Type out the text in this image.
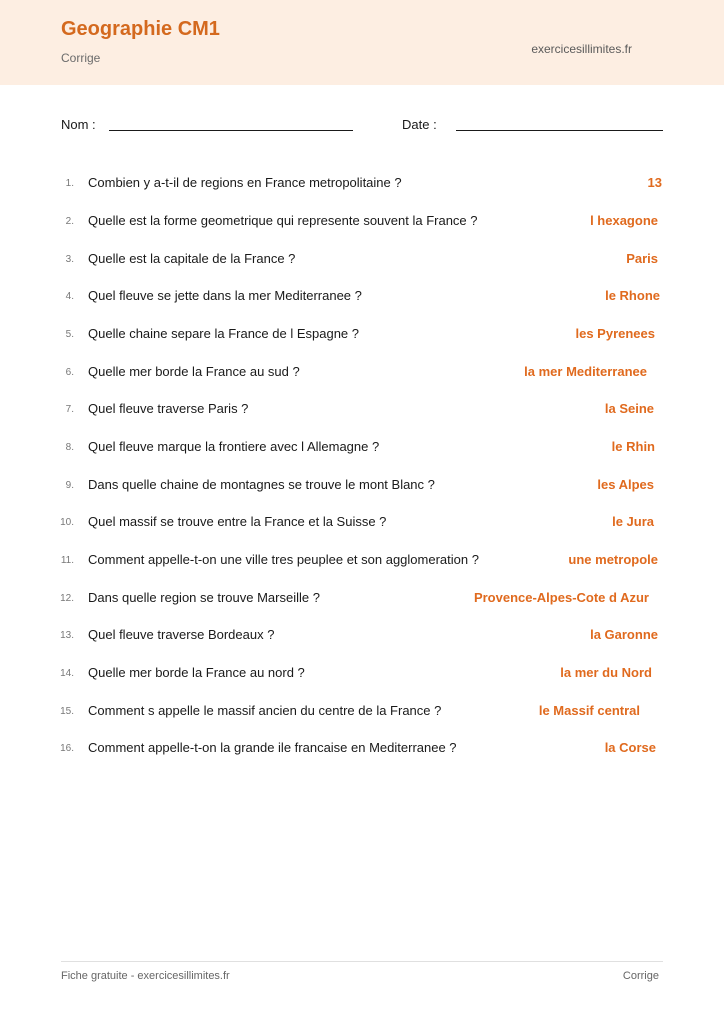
Geographie CM1
Corrige
exercicesillimites.fr
Nom :	Date :
1. Combien y a-t-il de regions en France metropolitaine ?	13
2. Quelle est la forme geometrique qui represente souvent la France ?	l hexagone
3. Quelle est la capitale de la France ?	Paris
4. Quel fleuve se jette dans la mer Mediterranee ?	le Rhone
5. Quelle chaine separe la France de l Espagne ?	les Pyrenees
6. Quelle mer borde la France au sud ?	la mer Mediterranee
7. Quel fleuve traverse Paris ?	la Seine
8. Quel fleuve marque la frontiere avec l Allemagne ?	le Rhin
9. Dans quelle chaine de montagnes se trouve le mont Blanc ?	les Alpes
10. Quel massif se trouve entre la France et la Suisse ?	le Jura
11. Comment appelle-t-on une ville tres peuplee et son agglomeration ?	une metropole
12. Dans quelle region se trouve Marseille ?	Provence-Alpes-Cote d Azur
13. Quel fleuve traverse Bordeaux ?	la Garonne
14. Quelle mer borde la France au nord ?	la mer du Nord
15. Comment s appelle le massif ancien du centre de la France ?	le Massif central
16. Comment appelle-t-on la grande ile francaise en Mediterranee ?	la Corse
Fiche gratuite - exercicesillimites.fr	Corrige
